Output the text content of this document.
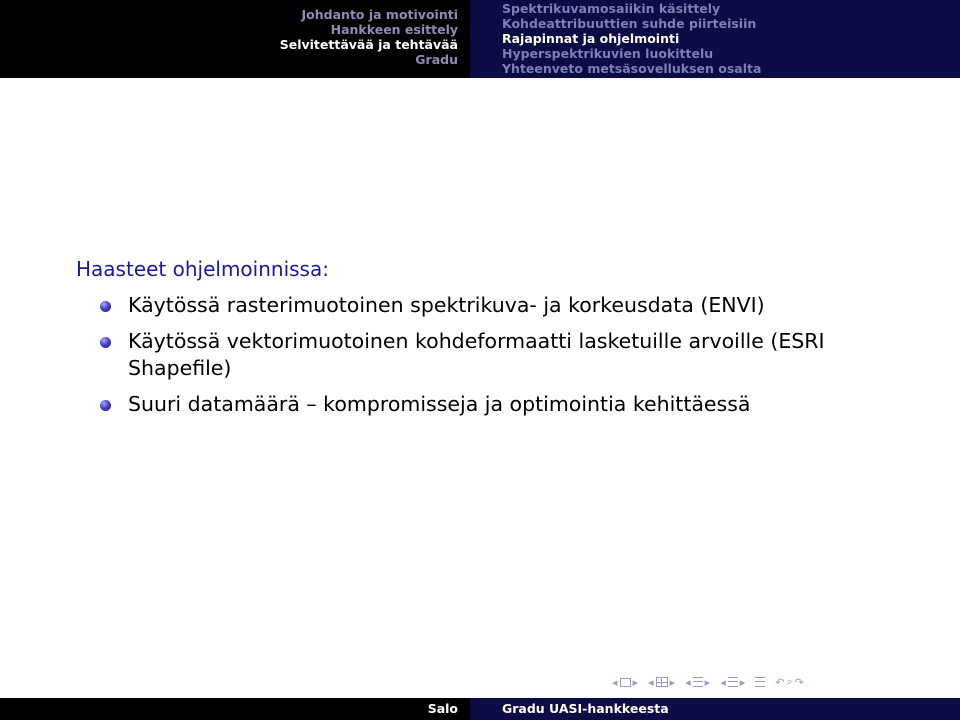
Johdanto ja motivointi
Hankkeen esittely
Selvitettävää ja tehtävää
Gradu
Spektrikuvamosaiikin käsittely
Kohdeattribuuttien suhde piirteisiin
Rajapinnat ja ohjelmointi
Hyperspektrikuvien luokittelu
Yhteenveto metsäsovelluksen osalta
Haasteet ohjelmoinnissa:
Käytössä rasterimuotoinen spektrikuva- ja korkeusdata (ENVI)
Käytössä vektorimuotoinen kohdeformaatti lasketuille arvoille (ESRI Shapefile)
Suuri datamäärä – kompromisseja ja optimointia kehittäessä
◂ ▸ ◂ ▸ ◂ ▸ ◂ ▸	↶ ⌕ ↷
Salo	Gradu UASI-hankkeesta
